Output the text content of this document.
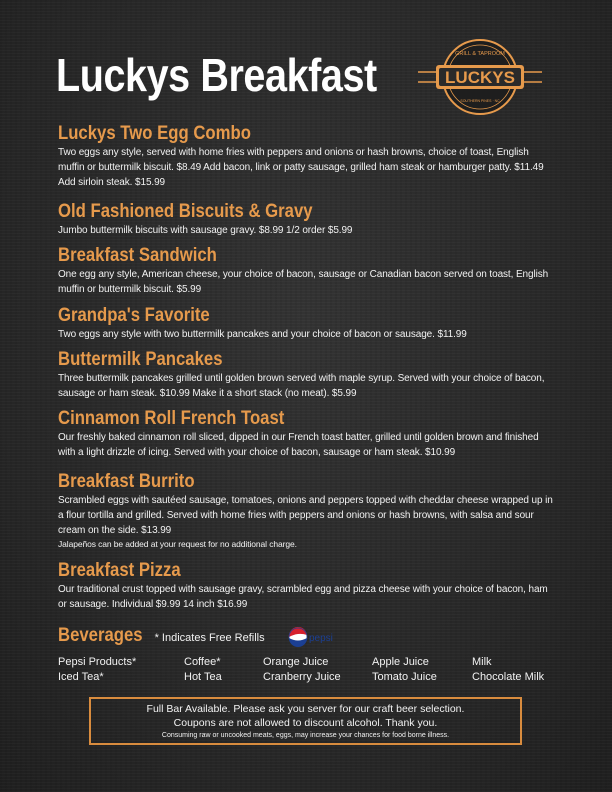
Luckys Breakfast	GRILL & TAPROOM
LUCKYS
SOUTHERN PINES · NC
Luckys Two Egg Combo

Two eggs any style, served with home fries with peppers and onions or hash browns, choice of toast, English muffin or buttermilk biscuit. $8.49 Add bacon, link or patty sausage, grilled ham steak or hamburger patty. $11.49 Add sirloin steak. $15.99

Old Fashioned Biscuits & Gravy

Jumbo buttermilk biscuits with sausage gravy. $8.99 1/2 order $5.99

Breakfast Sandwich

One egg any style, American cheese, your choice of bacon, sausage or Canadian bacon served on toast, English muffin or buttermilk biscuit. $5.99

Grandpa's Favorite

Two eggs any style with two buttermilk pancakes and your choice of bacon or sausage. $11.99

Buttermilk Pancakes

Three buttermilk pancakes grilled until golden brown served with maple syrup. Served with your choice of bacon, sausage or ham steak. $10.99 Make it a short stack (no meat). $5.99

Cinnamon Roll French Toast

Our freshly baked cinnamon roll sliced, dipped in our French toast batter, grilled until golden brown and finished with a light drizzle of icing. Served with your choice of bacon, sausage or ham steak. $10.99

Breakfast Burrito

Scrambled eggs with sautéed sausage, tomatoes, onions and peppers topped with cheddar cheese wrapped up in a flour tortilla and grilled. Served with home fries with peppers and onions or hash browns, with salsa and sour cream on the side. $13.99

Jalapeños can be added at your request for no additional charge.

Breakfast Pizza

Our traditional crust topped with sausage gravy, scrambled egg and pizza cheese with your choice of bacon, ham or sausage. Individual $9.99 14 inch $16.99

Beverages * Indicates Free Refills	pepsi
Pepsi Products*
Iced Tea*
Coffee*
Hot Tea
Orange Juice
Cranberry Juice
Apple Juice
Tomato Juice
Milk
Chocolate Milk
Full Bar Available. Please ask you server for our craft beer selection.
Coupons are not allowed to discount alcohol. Thank you.
Consuming raw or uncooked meats, eggs, may increase your chances for food borne illness.
